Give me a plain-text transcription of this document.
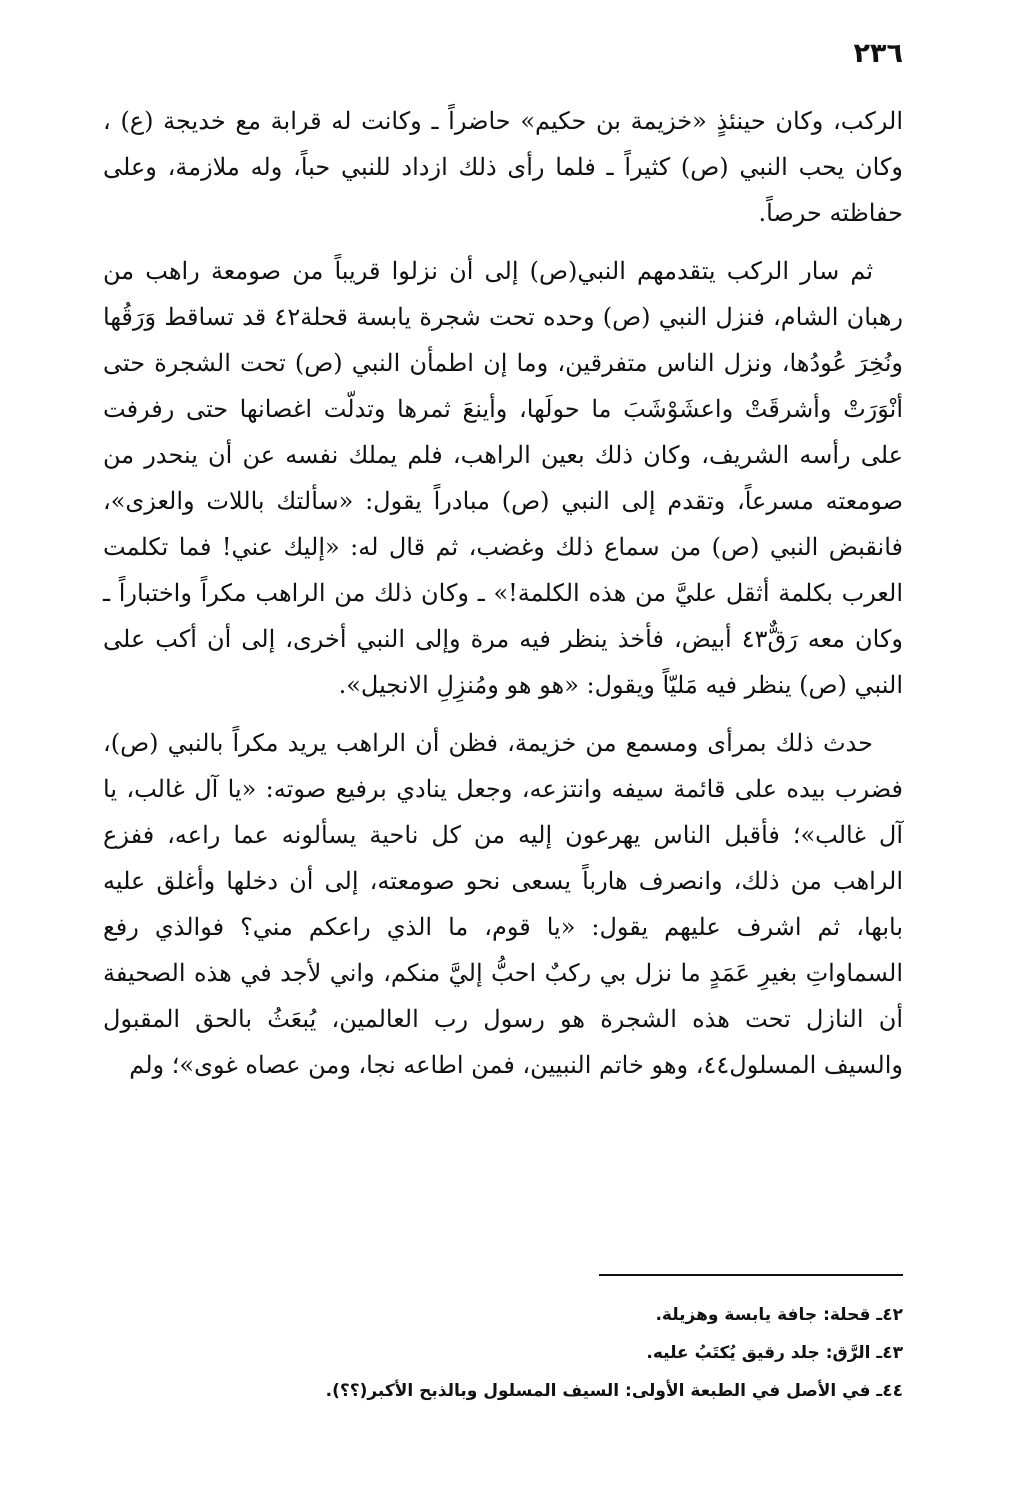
٢٣٦

الركب، وكان حينئذٍ «خزيمة بن حكيم» حاضراً ـ وكانت له قرابة مع خديجة (ع) ، وكان يحب النبي (ص) كثيراً ـ فلما رأى ذلك ازداد للنبي حباً، وله ملازمة، وعلى حفاظته حرصاً.

ثم سار الركب يتقدمهم النبي(ص) إلى أن نزلوا قريباً من صومعة راهب من رهبان الشام، فنزل النبي (ص) وحده تحت شجرة يابسة قحلة٤٢ قد تساقط وَرَقُها ونُخِرَ عُودُها، ونزل الناس متفرقين، وما إن اطمأن النبي (ص) تحت الشجرة حتى أنْوَرَتْ وأشرقَتْ واعشَوْشَبَ ما حولَها، وأينعَ ثمرها وتدلّت اغصانها حتى رفرفت على رأسه الشريف، وكان ذلك بعين الراهب، فلم يملك نفسه عن أن ينحدر من صومعته مسرعاً، وتقدم إلى النبي (ص) مبادراً يقول: «سألتك باللات والعزى»، فانقبض النبي (ص) من سماع ذلك وغضب، ثم قال له: «إليك عني! فما تكلمت العرب بكلمة أثقل عليَّ من هذه الكلمة!» ـ وكان ذلك من الراهب مكراً واختباراً ـ وكان معه رَقٌّ٤٣ أبيض، فأخذ ينظر فيه مرة وإلى النبي أخرى، إلى أن أكب على النبي (ص) ينظر فيه مَليّاً ويقول: «هو هو ومُنزِلِ الانجيل».

حدث ذلك بمرأى ومسمع من خزيمة، فظن أن الراهب يريد مكراً بالنبي (ص)، فضرب بيده على قائمة سيفه وانتزعه، وجعل ينادي برفيع صوته: «يا آل غالب، يا آل غالب»؛ فأقبل الناس يهرعون إليه من كل ناحية يسألونه عما راعه، ففزع الراهب من ذلك، وانصرف هارباً يسعى نحو صومعته، إلى أن دخلها وأغلق عليه بابها، ثم اشرف عليهم يقول: «يا قوم، ما الذي راعكم مني؟ فوالذي رفع السماواتِ بغيرِ عَمَدٍ ما نزل بي ركبٌ احبُّ إليَّ منكم، واني لأجد في هذه الصحيفة أن النازل تحت هذه الشجرة هو رسول رب العالمين، يُبعَثُ بالحق المقبول والسيف المسلول٤٤، وهو خاتم النبيين، فمن اطاعه نجا، ومن عصاه غوى»؛ ولم

٤٢ـ قحلة: جافة يابسة وهزيلة.

٤٣ـ الرَّق: جلد رقيق يُكتَبُ عليه.

٤٤ـ في الأصل في الطبعة الأولى: السيف المسلول وبالذبح الأكبر(؟؟).
